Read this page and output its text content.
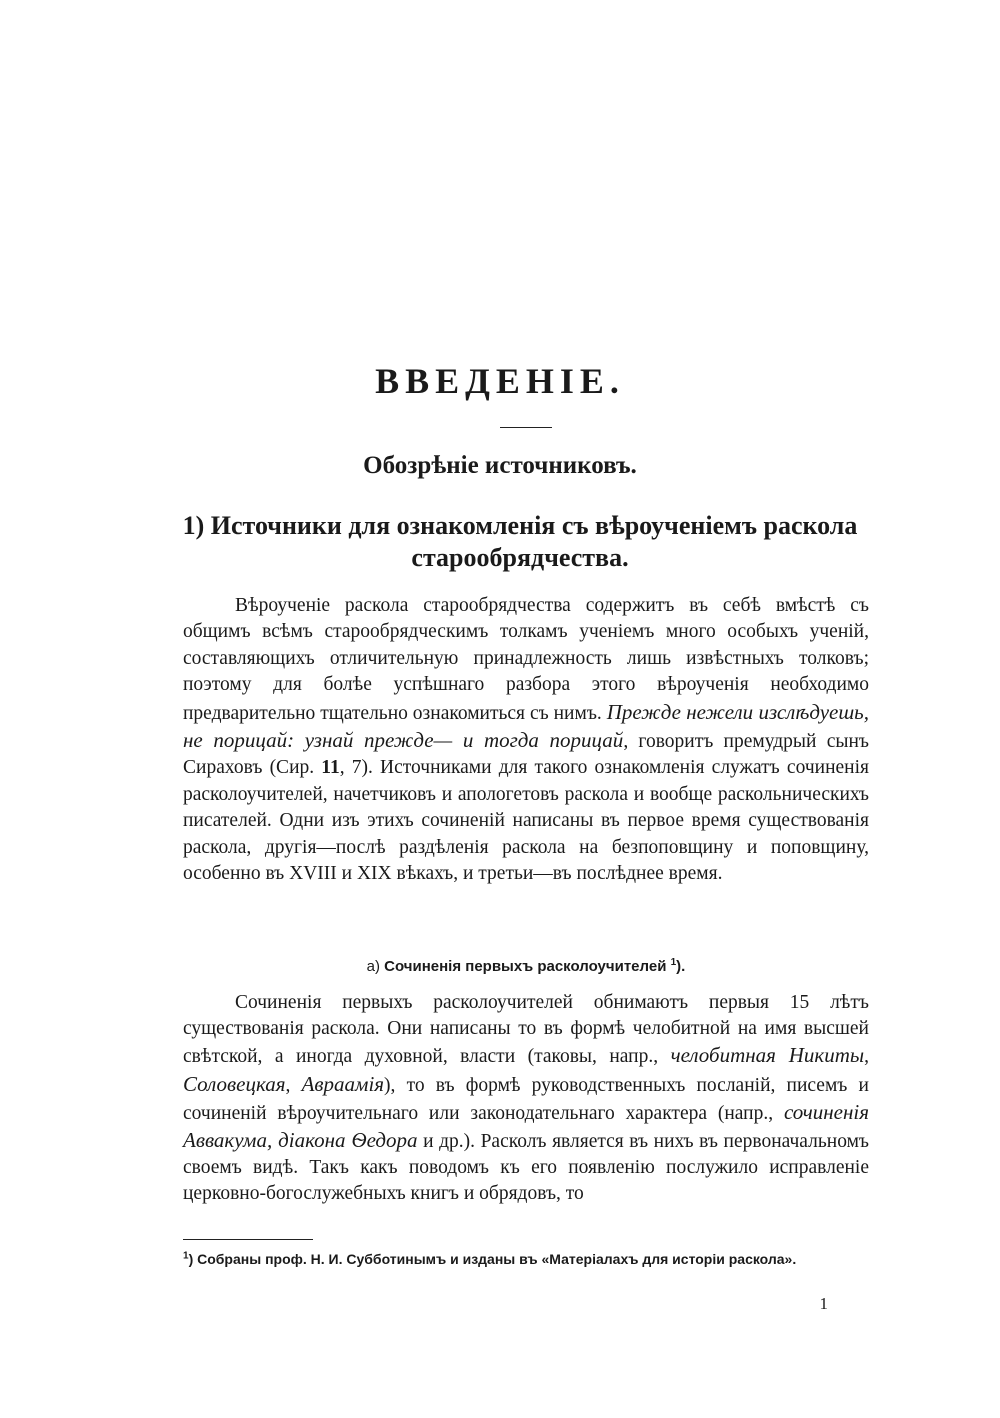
ВВЕДЕНІЕ.
Обозрѣніе источниковъ.
1) Источники для ознакомленія съ вѣроученіемъ раскола старообрядчества.

Вѣроученіе раскола старообрядчества содержитъ въ себѣ вмѣстѣ съ общимъ всѣмъ старообрядческимъ толкамъ ученіемъ много особыхъ ученій, составляющихъ отличительную принадлежность лишь извѣстныхъ толковъ; поэтому для болѣе успѣшнаго разбора этого вѣроученія необходимо предварительно тщательно ознакомиться съ нимъ. Прежде нежели изслѣдуешь, не порицай: узнай прежде— и тогда порицай, говоритъ премудрый сынъ Сираховъ (Сир. 11, 7). Источниками для такого ознакомленія служатъ сочиненія расколоучителей, начетчиковъ и апологетовъ раскола и вообще раскольническихъ писателей. Одни изъ этихъ сочиненій написаны въ первое время существованія раскола, другія—послѣ раздѣленія раскола на безпоповщину и поповщину, особенно въ XVIII и XIX вѣкахъ, и третьи—въ послѣднее время.

а) Сочиненія первыхъ расколоучителей $^1$).

Сочиненія первыхъ расколоучителей обнимаютъ первыя 15 лѣтъ существованія раскола. Они написаны то въ формѣ челобитной на имя высшей свѣтской, а иногда духовной, власти (таковы, напр., челобитная Никиты, Соловецкая, Авраамія), то въ формѣ руководственныхъ посланій, писемъ и сочиненій вѣроучительнаго или законодательнаго характера (напр., сочиненія Аввакума, діакона Ѳедора и др.). Расколъ является въ нихъ въ первоначальномъ своемъ видѣ. Такъ какъ поводомъ къ его появленію послужило исправленіе церковно-богослужебныхъ книгъ и обрядовъ, то

$^1$) Собраны проф. Н. И. Субботинымъ и изданы въ «Матеріалахъ для исторіи раскола».

1
